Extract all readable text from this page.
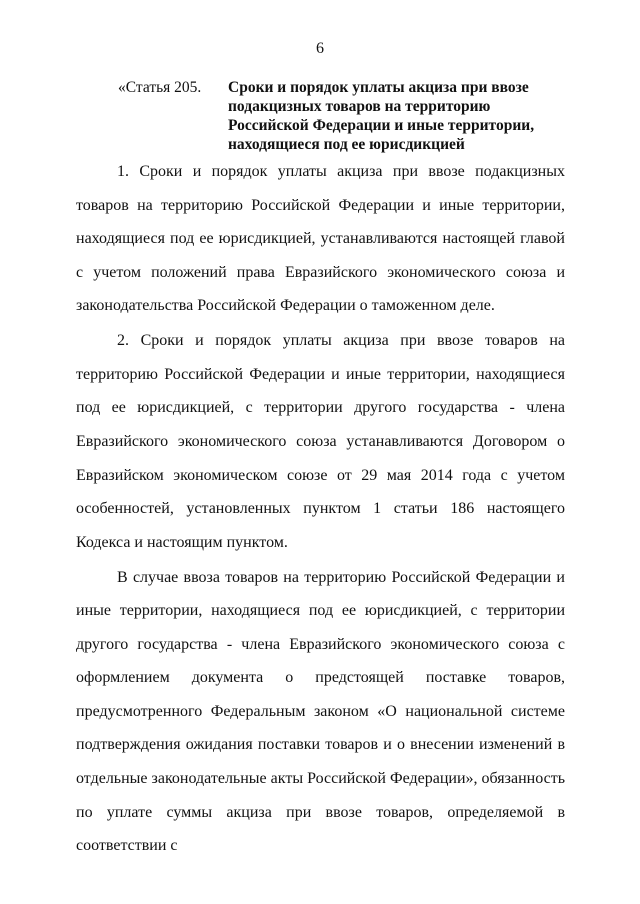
6
«Статья 205. Сроки и порядок уплаты акциза при ввозе подакцизных товаров на территорию Российской Федерации и иные территории, находящиеся под ее юрисдикцией

1. Сроки и порядок уплаты акциза при ввозе подакцизных товаров на территорию Российской Федерации и иные территории, находящиеся под ее юрисдикцией, устанавливаются настоящей главой с учетом положений права Евразийского экономического союза и законодательства Российской Федерации о таможенном деле.

2. Сроки и порядок уплаты акциза при ввозе товаров на территорию Российской Федерации и иные территории, находящиеся под ее юрисдикцией, с территории другого государства - члена Евразийского экономического союза устанавливаются Договором о Евразийском экономическом союзе от 29 мая 2014 года с учетом особенностей, установленных пунктом 1 статьи 186 настоящего Кодекса и настоящим пунктом.

В случае ввоза товаров на территорию Российской Федерации и иные территории, находящиеся под ее юрисдикцией, с территории другого государства - члена Евразийского экономического союза с оформлением документа о предстоящей поставке товаров, предусмотренного Федеральным законом «О национальной системе подтверждения ожидания поставки товаров и о внесении изменений в отдельные законодательные акты Российской Федерации», обязанность по уплате суммы акциза при ввозе товаров, определяемой в соответствии с
